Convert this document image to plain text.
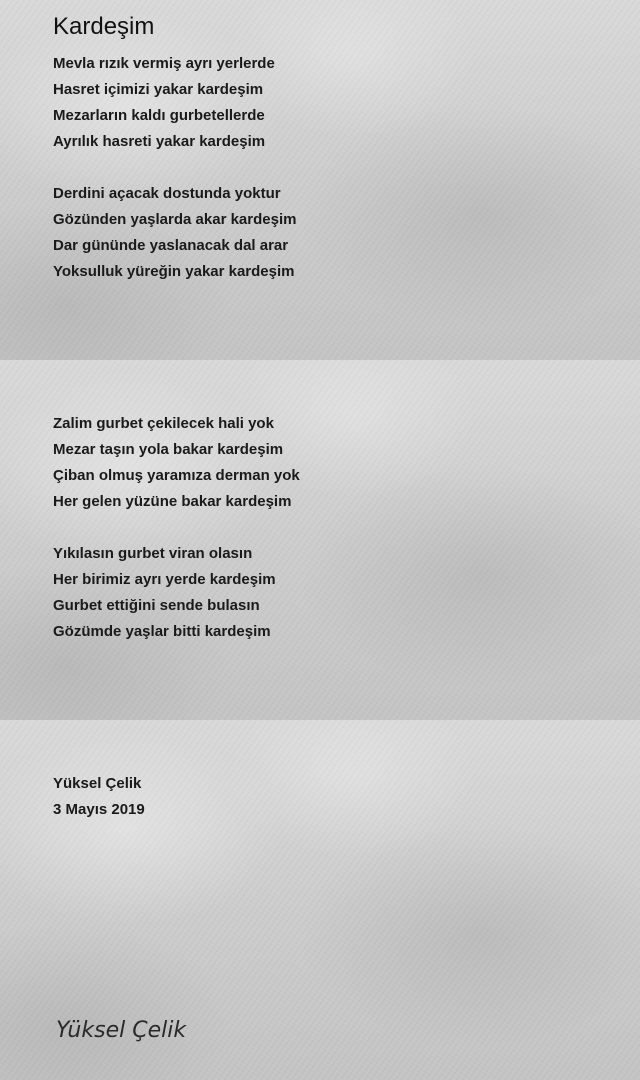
Kardeşim
Mevla rızık vermiş ayrı yerlerde
Hasret içimizi yakar kardeşim
Mezarların kaldı gurbetellerde
Ayrılık hasreti yakar kardeşim
Derdini açacak dostunda yoktur
Gözünden yaşlarda akar kardeşim
Dar gününde yaslanacak dal arar
Yoksulluk yüreğin yakar kardeşim
Zalim gurbet çekilecek hali yok
Mezar taşın yola bakar kardeşim
Çiban olmuş yaramıza derman yok
Her gelen yüzüne bakar kardeşim
Yıkılasın gurbet viran olasın
Her birimiz ayrı yerde kardeşim
Gurbet ettiğini sende bulasın
Gözümde yaşlar bitti kardeşim
Yüksel Çelik
3 Mayıs 2019
Yüksel Çelik
